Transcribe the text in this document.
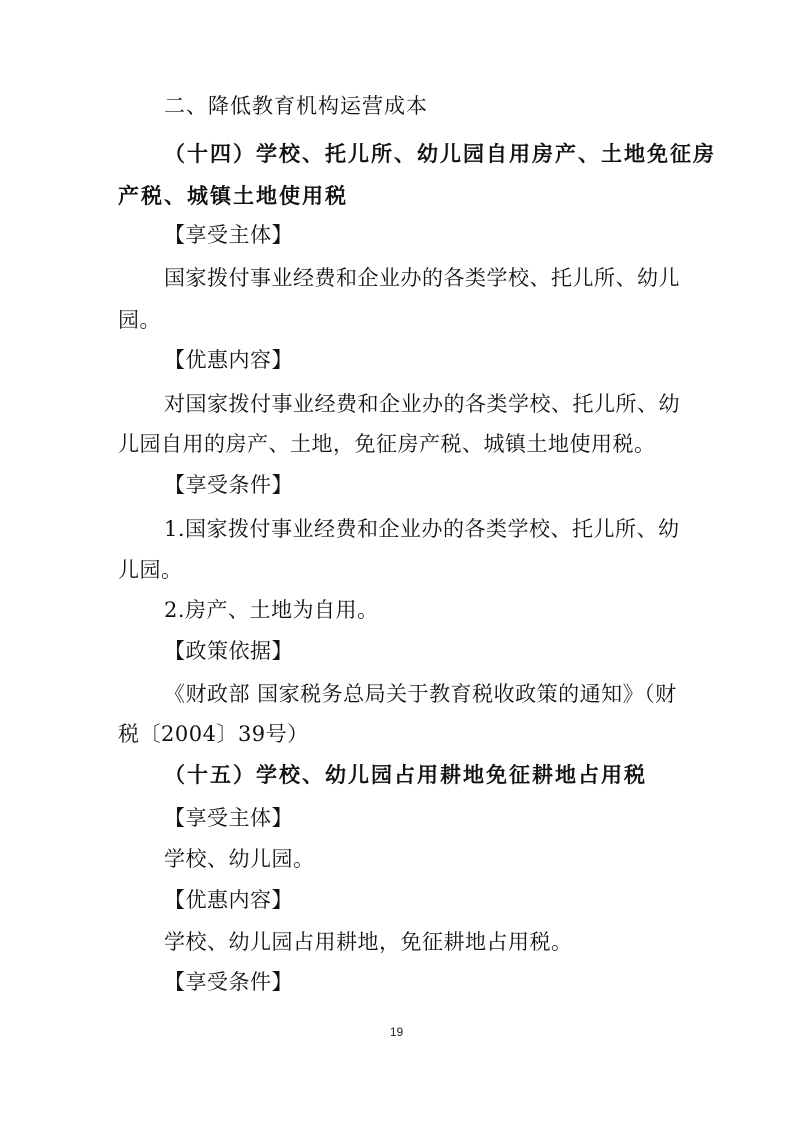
二、降低教育机构运营成本
（十四）学校、托儿所、幼儿园自用房产、土地免征房
产税、城镇土地使用税
【享受主体】
国家拨付事业经费和企业办的各类学校、托儿所、幼儿
园。
【优惠内容】
对国家拨付事业经费和企业办的各类学校、托儿所、幼
儿园自用的房产、土地，免征房产税、城镇土地使用税。
【享受条件】
1.国家拨付事业经费和企业办的各类学校、托儿所、幼
儿园。
2.房产、土地为自用。
【政策依据】
《财政部 国家税务总局关于教育税收政策的通知》（财
税〔2004〕39号）
（十五）学校、幼儿园占用耕地免征耕地占用税
【享受主体】
学校、幼儿园。
【优惠内容】
学校、幼儿园占用耕地，免征耕地占用税。
【享受条件】
19
